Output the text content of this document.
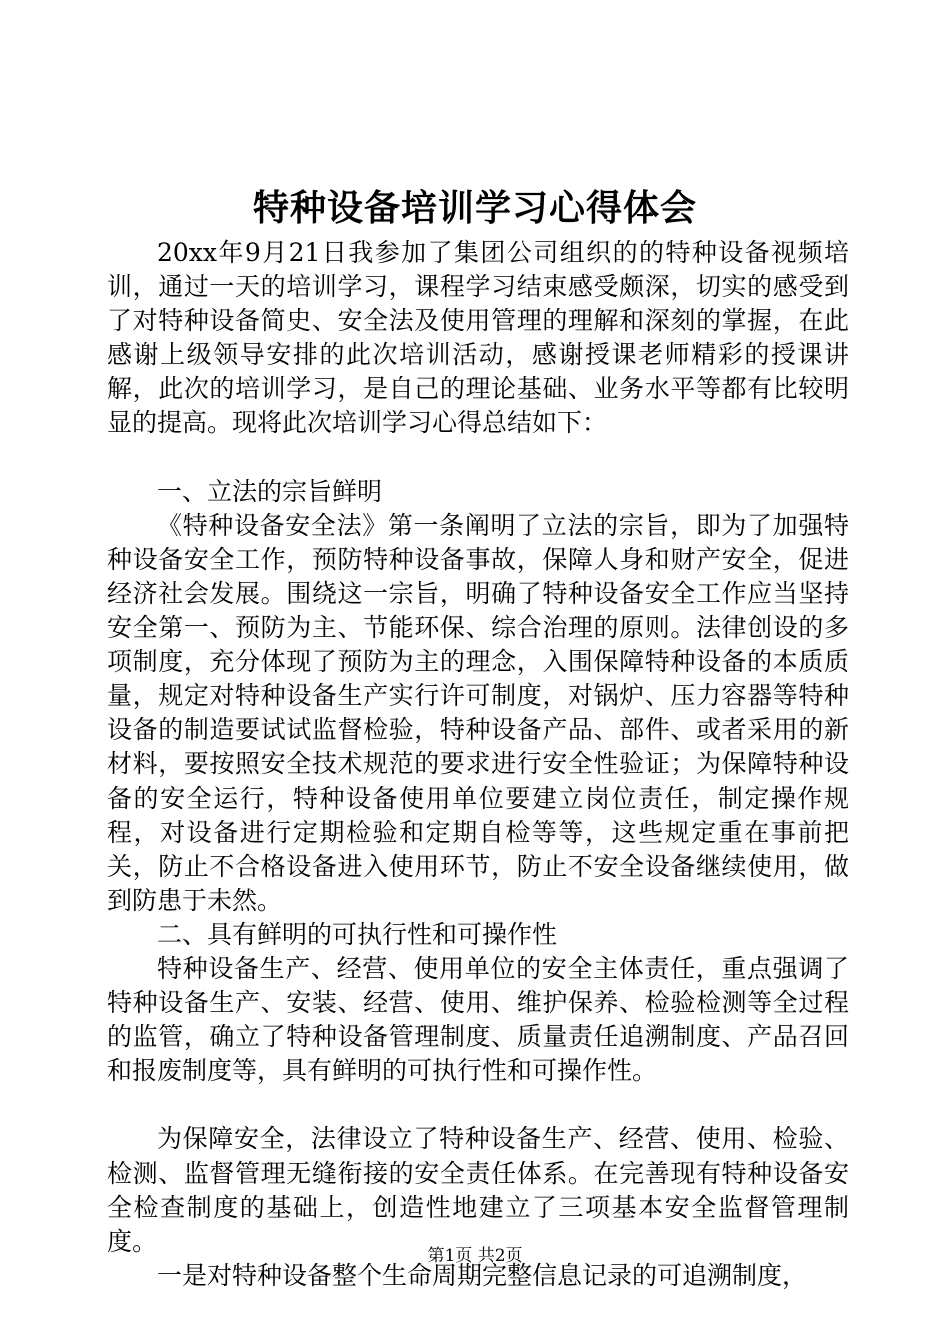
特种设备培训学习心得体会

20xx年9月21日我参加了集团公司组织的的特种设备视频培训，通过一天的培训学习，课程学习结束感受颇深，切实的感受到了对特种设备简史、安全法及使用管理的理解和深刻的掌握，在此感谢上级领导安排的此次培训活动，感谢授课老师精彩的授课讲解，此次的培训学习，是自己的理论基础、业务水平等都有比较明显的提高。现将此次培训学习心得总结如下：

一、立法的宗旨鲜明

《特种设备安全法》第一条阐明了立法的宗旨，即为了加强特种设备安全工作，预防特种设备事故，保障人身和财产安全，促进经济社会发展。围绕这一宗旨，明确了特种设备安全工作应当坚持安全第一、预防为主、节能环保、综合治理的原则。法律创设的多项制度，充分体现了预防为主的理念，入围保障特种设备的本质质量，规定对特种设备生产实行许可制度，对锅炉、压力容器等特种设备的制造要试试监督检验，特种设备产品、部件、或者采用的新材料，要按照安全技术规范的要求进行安全性验证；为保障特种设备的安全运行，特种设备使用单位要建立岗位责任，制定操作规程，对设备进行定期检验和定期自检等等，这些规定重在事前把关，防止不合格设备进入使用环节，防止不安全设备继续使用，做到防患于未然。

二、具有鲜明的可执行性和可操作性

特种设备生产、经营、使用单位的安全主体责任，重点强调了特种设备生产、安装、经营、使用、维护保养、检验检测等全过程的监管，确立了特种设备管理制度、质量责任追溯制度、产品召回和报废制度等，具有鲜明的可执行性和可操作性。

为保障安全，法律设立了特种设备生产、经营、使用、检验、检测、监督管理无缝衔接的安全责任体系。在完善现有特种设备安全检查制度的基础上，创造性地建立了三项基本安全监督管理制度。

一是对特种设备整个生命周期完整信息记录的可追溯制度，

第1页 共2页
